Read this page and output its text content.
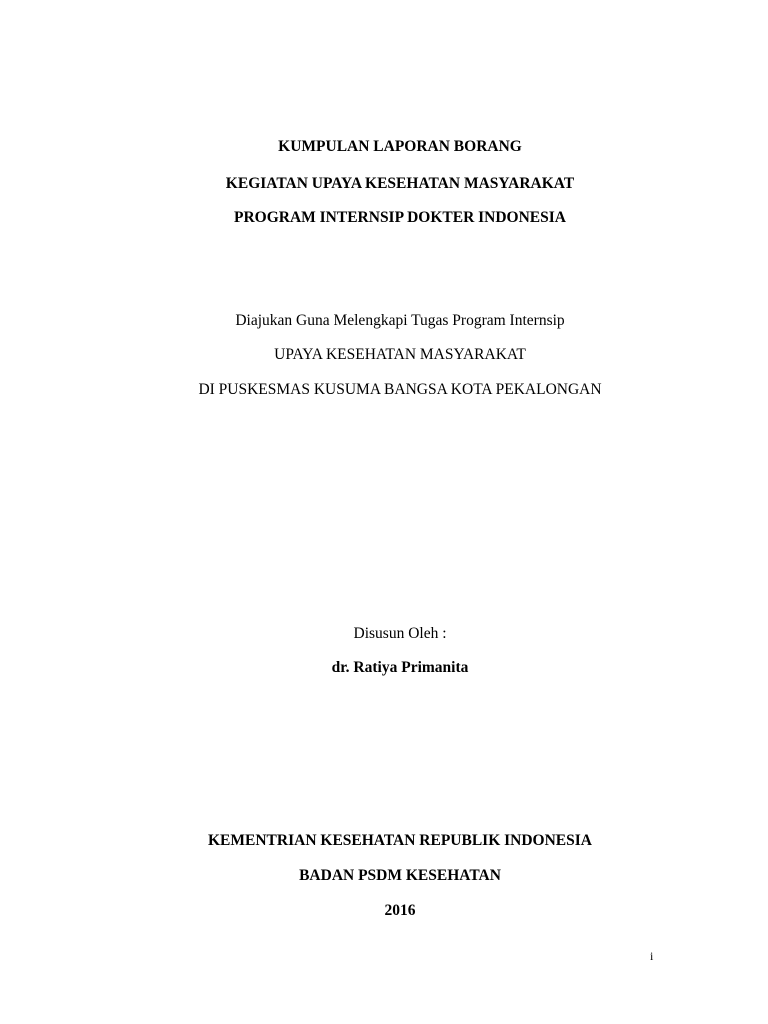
KUMPULAN LAPORAN BORANG
KEGIATAN UPAYA KESEHATAN MASYARAKAT
PROGRAM INTERNSIP DOKTER INDONESIA
Diajukan Guna Melengkapi Tugas Program Internsip
UPAYA KESEHATAN MASYARAKAT
DI PUSKESMAS KUSUMA BANGSA KOTA PEKALONGAN
Disusun Oleh :
dr. Ratiya Primanita
KEMENTRIAN KESEHATAN REPUBLIK INDONESIA
BADAN PSDM KESEHATAN
2016
i
